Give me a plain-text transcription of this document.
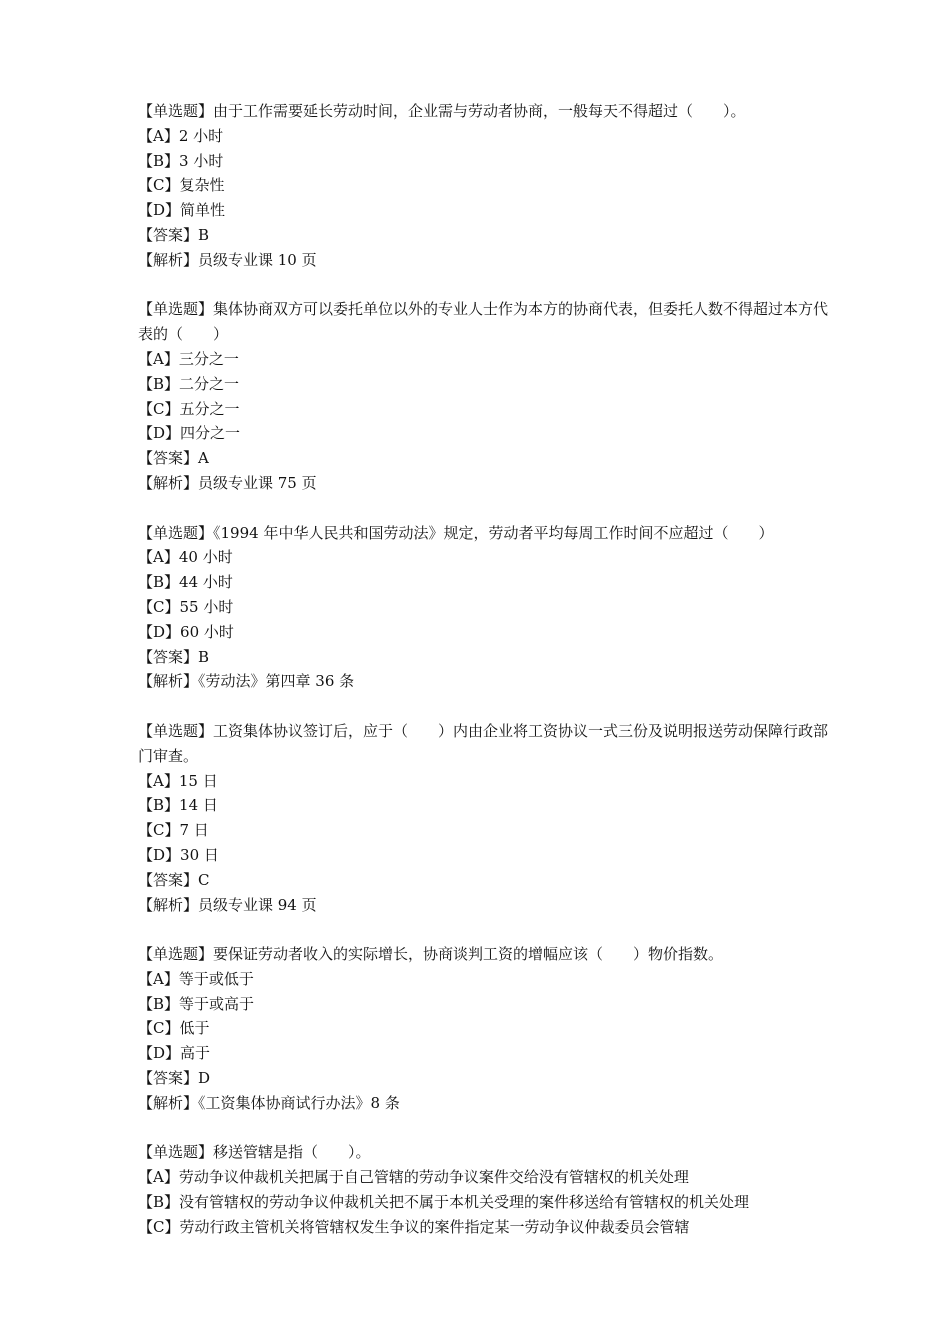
【单选题】由于工作需要延长劳动时间，企业需与劳动者协商，一般每天不得超过（　　）。
【A】2 小时
【B】3 小时
【C】复杂性
【D】简单性
【答案】B
【解析】员级专业课 10 页
【单选题】集体协商双方可以委托单位以外的专业人士作为本方的协商代表，但委托人数不得超过本方代表的（　　）
【A】三分之一
【B】二分之一
【C】五分之一
【D】四分之一
【答案】A
【解析】员级专业课 75 页
【单选题】《1994 年中华人民共和国劳动法》规定，劳动者平均每周工作时间不应超过（　　）
【A】40 小时
【B】44 小时
【C】55 小时
【D】60 小时
【答案】B
【解析】《劳动法》第四章 36 条
【单选题】工资集体协议签订后，应于（　　）内由企业将工资协议一式三份及说明报送劳动保障行政部门审查。
【A】15 日
【B】14 日
【C】7 日
【D】30 日
【答案】C
【解析】员级专业课 94 页
【单选题】要保证劳动者收入的实际增长，协商谈判工资的增幅应该（　　）物价指数。
【A】等于或低于
【B】等于或高于
【C】低于
【D】高于
【答案】D
【解析】《工资集体协商试行办法》8 条
【单选题】移送管辖是指（　　）。
【A】劳动争议仲裁机关把属于自己管辖的劳动争议案件交给没有管辖权的机关处理
【B】没有管辖权的劳动争议仲裁机关把不属于本机关受理的案件移送给有管辖权的机关处理
【C】劳动行政主管机关将管辖权发生争议的案件指定某一劳动争议仲裁委员会管辖
